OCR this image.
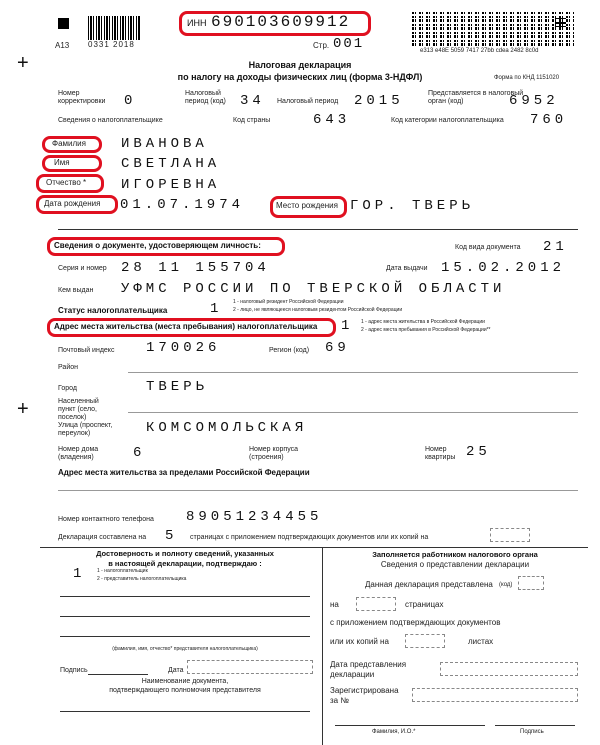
A13 0331 2018
ИНН 690103609912
Стр. 001	e313 e48E 5059 7417 27bb cdea 2482 8c0d
+
+
Налоговая декларация
по налогу на доходы физических лиц (форма 3-НДФЛ)	Форма по КНД 1151020
Номер корректировки	0	Налоговый период (код)	34 Налоговый период 2015	Представляется в налоговый орган (код)	6952
Сведения о налогоплательщике	Код страны	643	Код категории налогоплательщика 760
Фамилия	ИВАНОВА
Имя	СВЕТЛАНА
Отчество * ИГОРЕВНА
Дата рождения 01.07.1974	Место рождения ГОР. ТВЕРЬ
Сведения о документе, удостоверяющем личность:	Код вида документа 21
Серия и номер 28 11 155704	Дата выдачи 15.02.2012
Кем выдан УФМС РОССИИ ПО ТВЕРСКОЙ ОБЛАСТИ
Статус налогоплательщика	1 1 - налоговый резидент Российской Федерации
2 - лицо, не являющееся налоговым резидентом Российской Федерации
Адрес места жительства (места пребывания) налогоплательщика 1 1 - адрес места жительства в Российской Федерации
2 - адрес места пребывания в Российской Федерации**
Почтовый индекс 170026	Регион (код) 69
Район
Город	ТВЕРЬ
Населенный пункт (село, поселок)
Улица (проспект, переулок)	КОМСОМОЛЬСКАЯ
Номер дома (владения)	6	Номер корпуса (строения)
Номер квартиры 25
Адрес места жительства за пределами Российской Федерации
Номер контактного телефона 89051234455
Декларация составлена на 5 страницах с приложением подтверждающих документов или их копий на
Достоверность и полноту сведений, указанных
в настоящей декларации, подтверждаю :
1 1 - налогоплательщик
2 - представитель налогоплательщика
(фамилия, имя, отчество* представителя налогоплательщика)
Подпись	Дата
Наименование документа,
подтверждающего полномочия представителя
Заполняется работником налогового органа
Сведения о представлении декларации
Данная декларация представлена (код)
на	страницах
с приложением подтверждающих документов
или их копий на	листах
Дата представления декларации
Зарегистрирована за №
Фамилия, И.О.*	Подпись
